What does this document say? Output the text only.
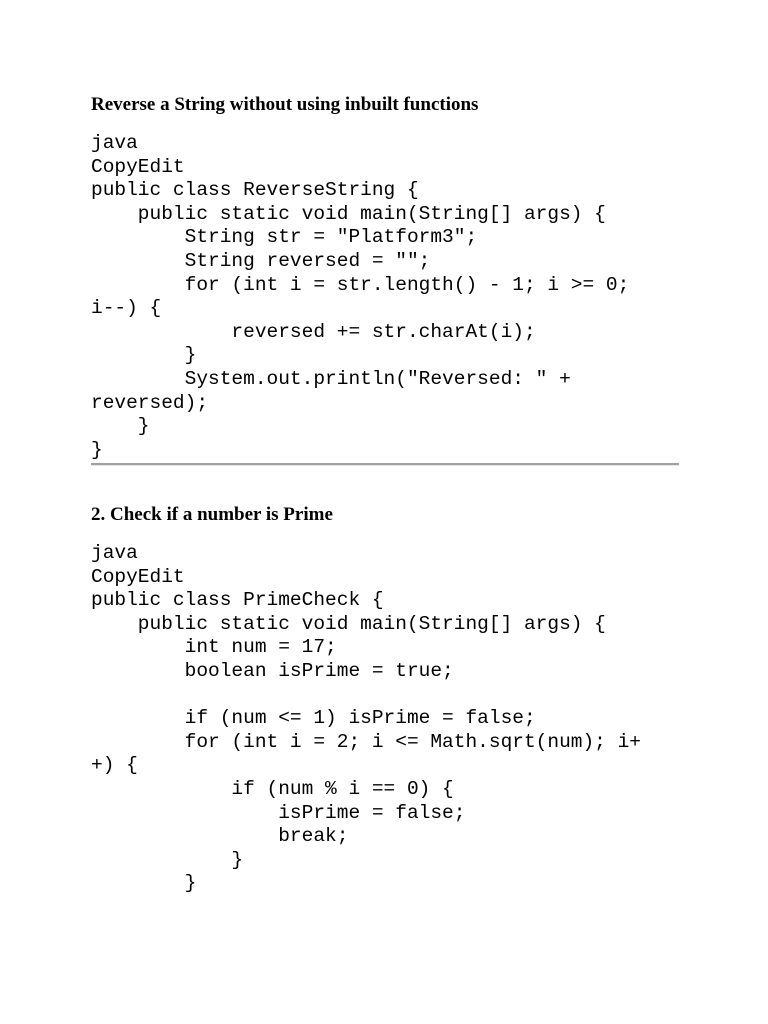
Reverse a String without using inbuilt functions
java
CopyEdit
public class ReverseString {
public static void main(String[] args) {
String str = "Platform3";
String reversed = "";
for (int i = str.length() - 1; i >= 0;
i--) {
reversed += str.charAt(i);
}
System.out.println("Reversed: " +
reversed);
}
}
2. Check if a number is Prime
java
CopyEdit
public class PrimeCheck {
public static void main(String[] args) {
int num = 17;
boolean isPrime = true;
if (num <= 1) isPrime = false;
for (int i = 2; i <= Math.sqrt(num); i+
+) {
if (num % i == 0) {
isPrime = false;
break;
}
}
